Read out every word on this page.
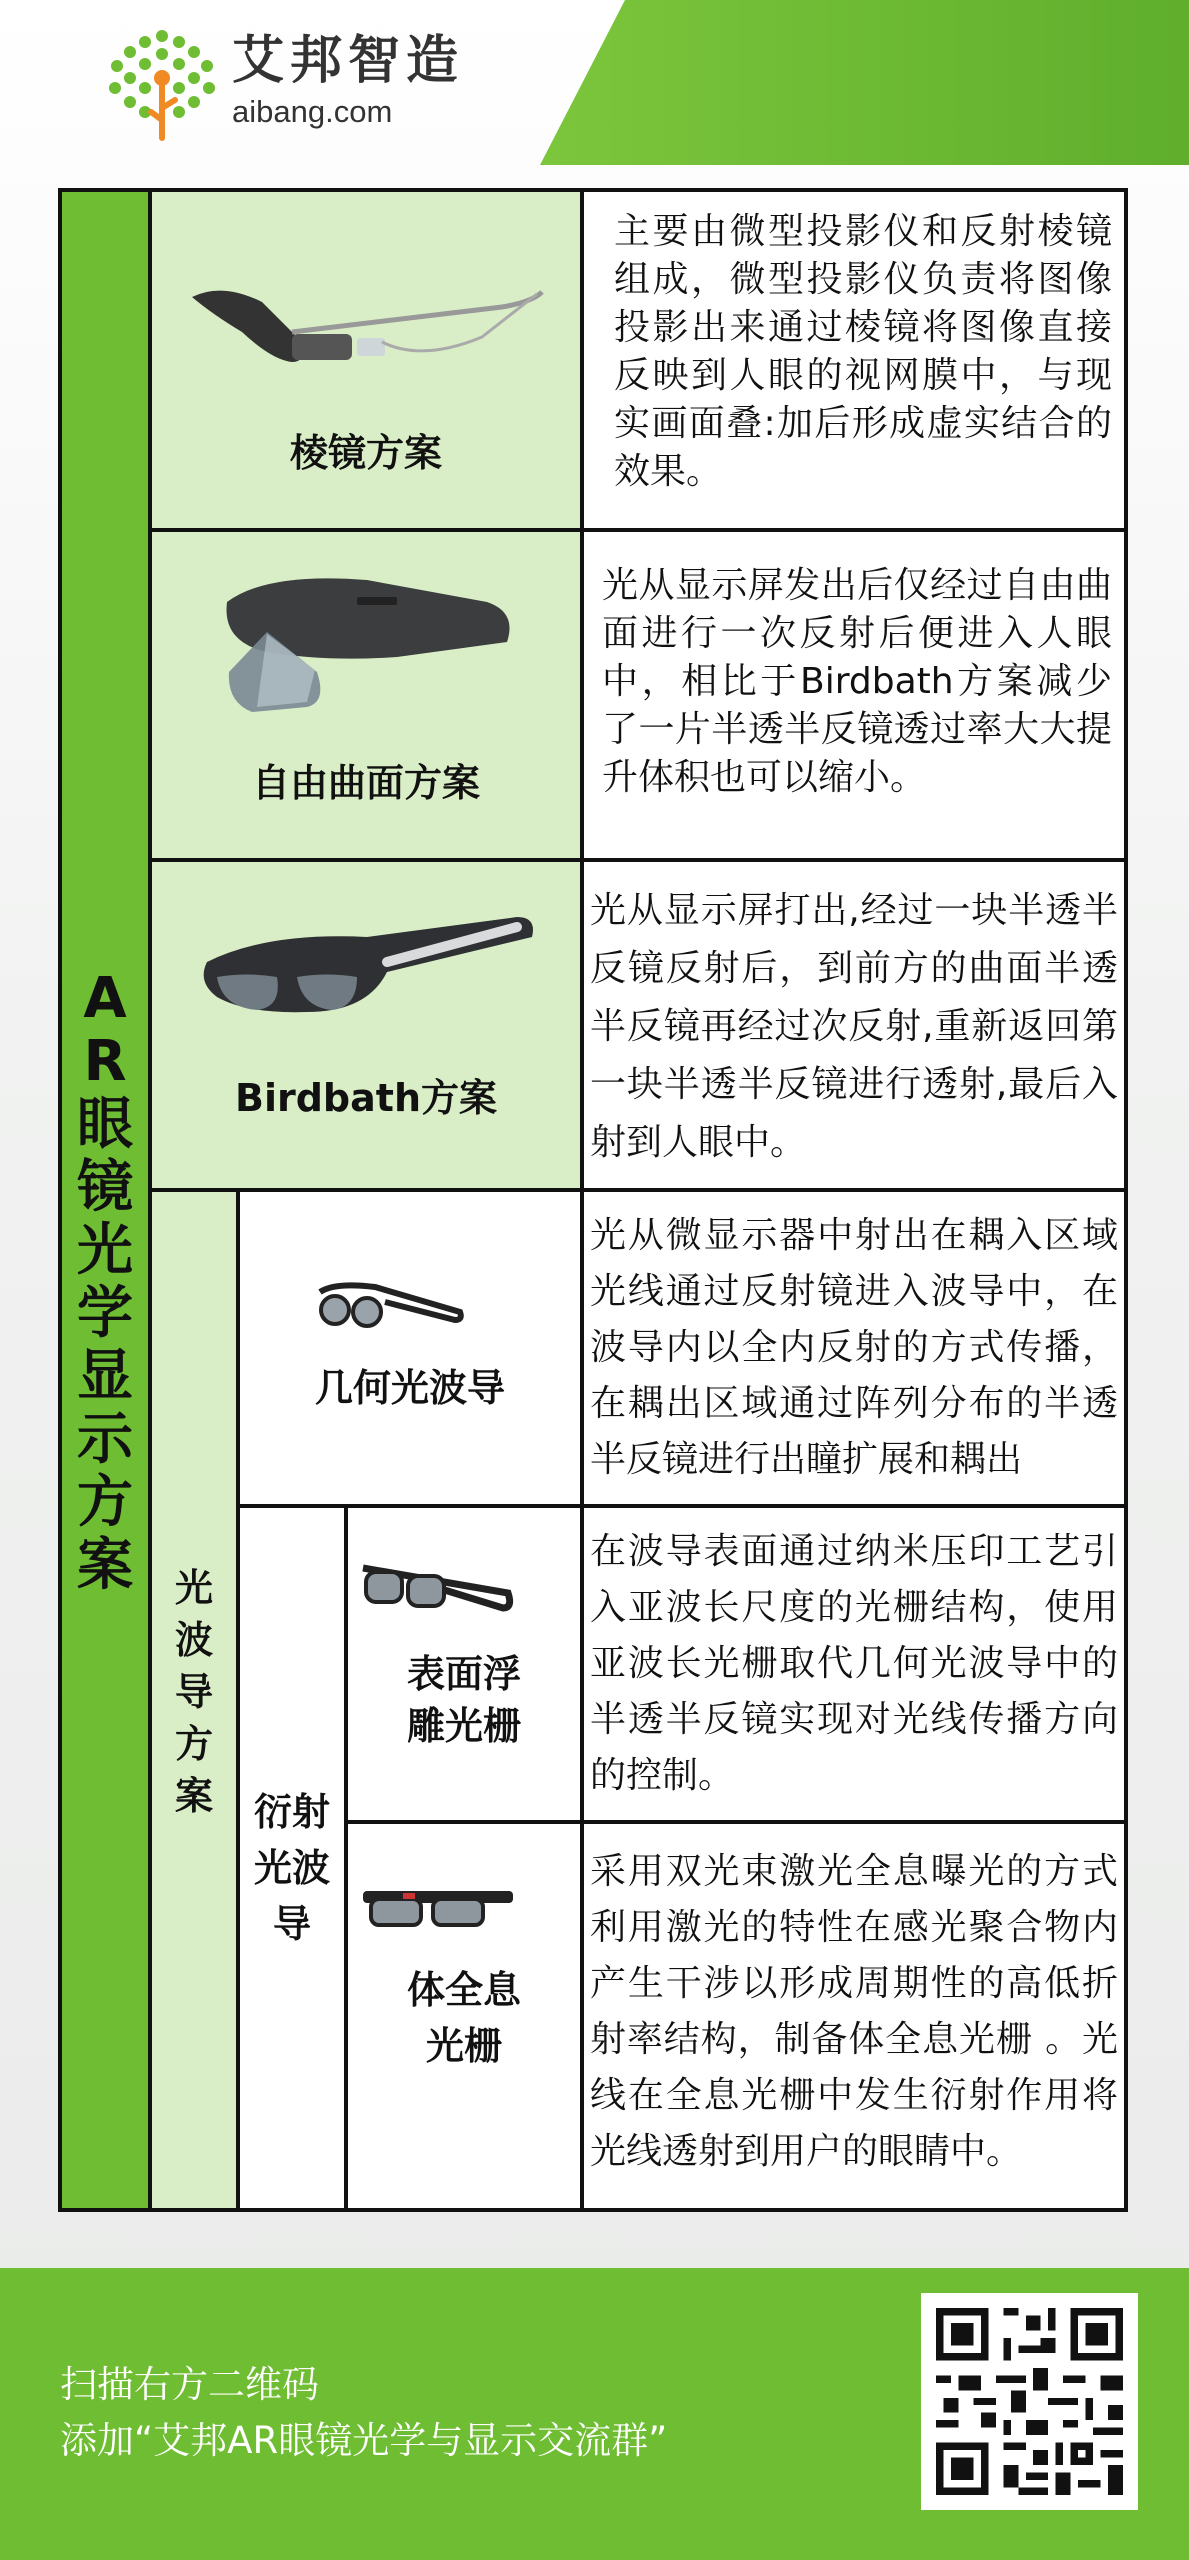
艾邦智造
aibang.com
A
R
眼
镜
光
学
显
示
方
案
棱镜方案
主要由微型投影仪和反射棱镜组成，微型投影仪负责将图像投影出来通过棱镜将图像直接反映到人眼的视网膜中，与现实画面叠:加后形成虚实结合的效果。
自由曲面方案
光从显示屏发出后仅经过自由曲面进行一次反射后便进入人眼中，相比于Birdbath方案减少了一片半透半反镜透过率大大提升体积也可以缩小。
Birdbath方案
光从显示屏打出,经过一块半透半反镜反射后，到前方的曲面半透半反镜再经过次反射,重新返回第一块半透半反镜进行透射,最后入射到人眼中。
光
波
导
方
案
几何光波导
光从微显示器中射出在耦入区域光线通过反射镜进入波导中，在波导内以全内反射的方式传播，在耦出区域通过阵列分布的半透半反镜进行出瞳扩展和耦出
衍射
光波
导
表面浮
雕光栅
在波导表面通过纳米压印工艺引入亚波长尺度的光栅结构，使用亚波长光栅取代几何光波导中的半透半反镜实现对光线传播方向的控制。
体全息
光栅
采用双光束激光全息曝光的方式利用激光的特性在感光聚合物内产生干涉以形成周期性的高低折射率结构，制备体全息光栅 。光线在全息光栅中发生衍射作用将光线透射到用户的眼睛中。
扫描右方二维码
添加“艾邦AR眼镜光学与显示交流群”
